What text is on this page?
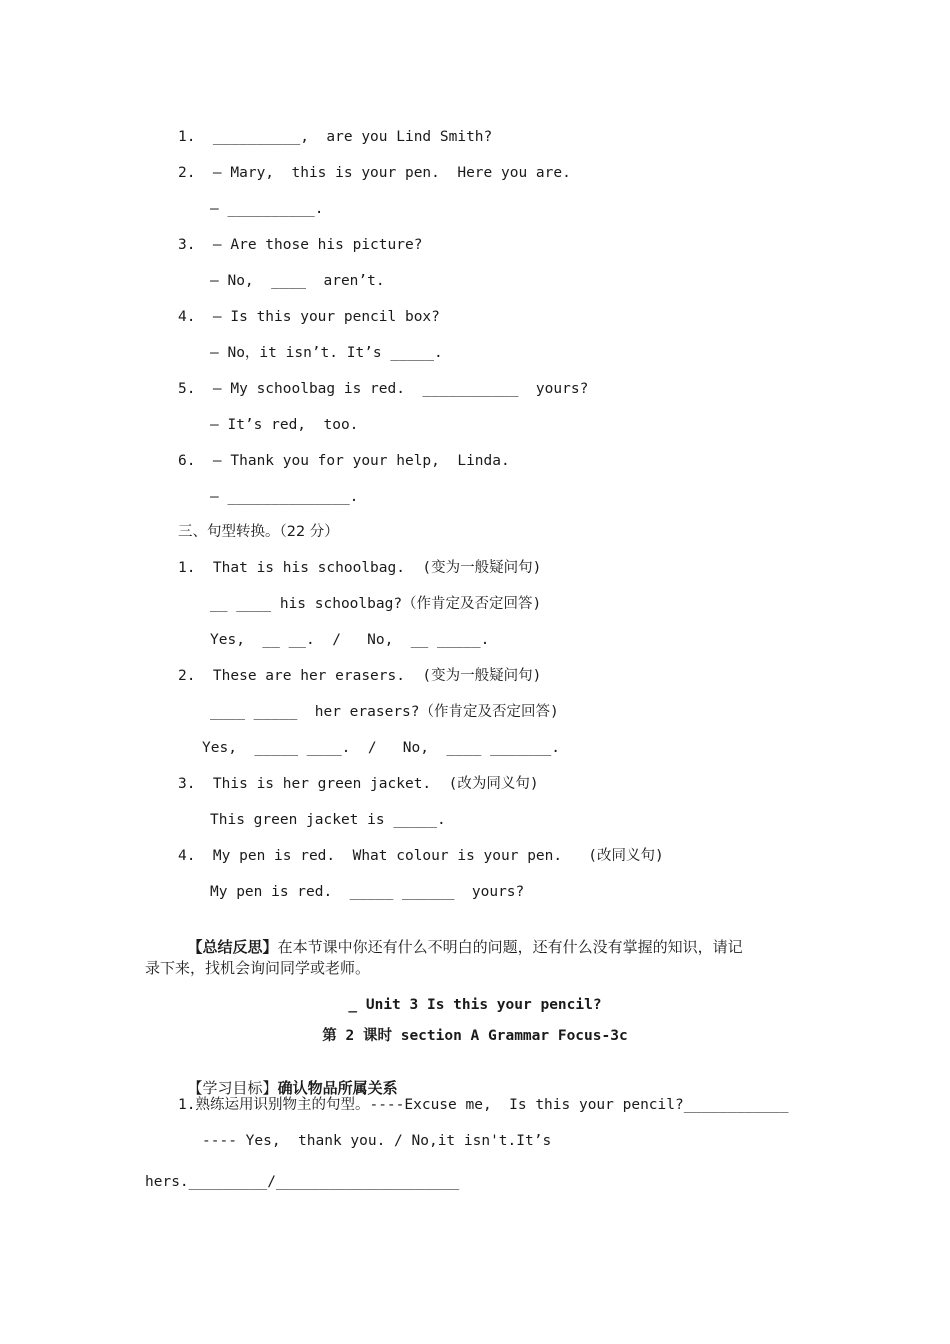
1.  __________,  are you Lind Smith?
2.  — Mary,  this is your pen.  Here you are.
— __________.
3.  — Are those his picture?
— No,  ____  aren’t.
4.  — Is this your pencil box?
— No，it isn’t. It’s _____.
5.  — My schoolbag is red.  ___________  yours?
— It’s red,  too.
6.  — Thank you for your help,  Linda.
— ______________.
三、句型转换。（22 分）
1.  That is his schoolbag.  (变为一般疑问句)
__ ____ his schoolbag?（作肯定及否定回答)
Yes,  __ __.  /   No,  __ _____.
2.  These are her erasers.  (变为一般疑问句)
____ _____  her erasers?（作肯定及否定回答)
Yes,  _____ ____.  /   No,  ____ _______.
3.  This is her green jacket.  (改为同义句)
This green jacket is _____.
4.  My pen is red.  What colour is your pen.   (改同义句)
My pen is red.  _____ ______  yours?

【总结反思】在本节课中你还有什么不明白的问题，还有什么没有掌握的知识，请记

录下来，找机会询问同学或老师。
_ Unit 3 Is this your pencil?
第 2 课时 section A Grammar Focus-3c

【学习目标】确认物品所属关系

1.熟练运用识别物主的句型。----Excuse me,  Is this your pencil?____________
---- Yes,  thank you. / No,it isn't.It’s
hers._________/_____________________
